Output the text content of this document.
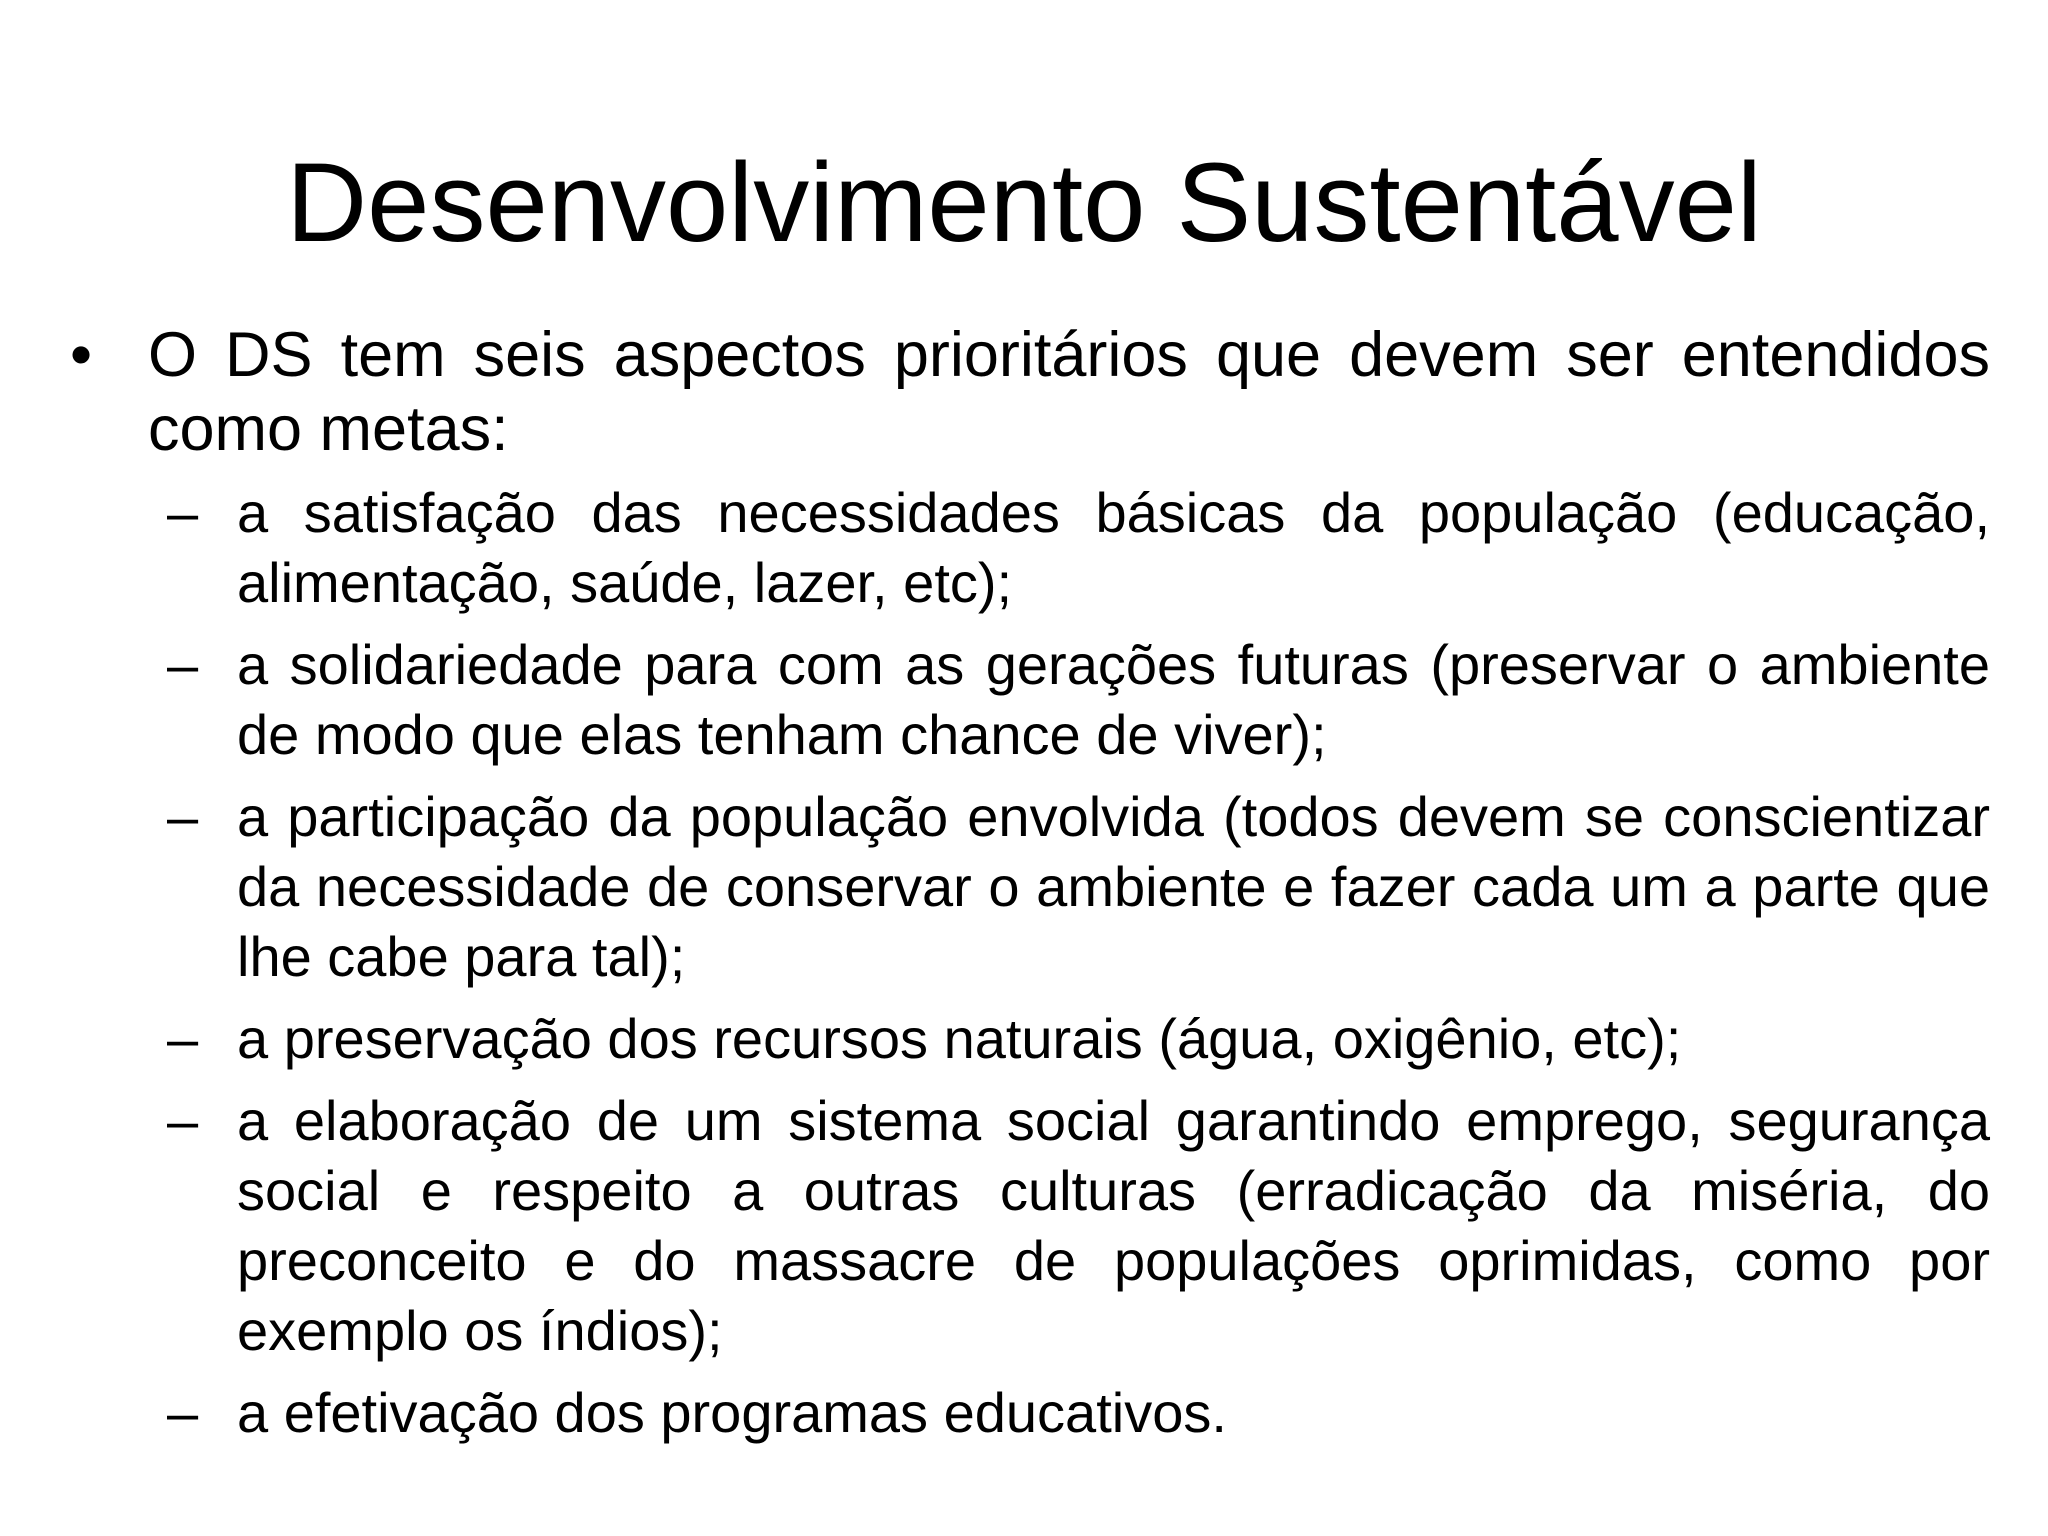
Desenvolvimento Sustentável
• O DS tem seis aspectos prioritários que devem ser entendidos como metas:
– a satisfação das necessidades básicas da população (educação, alimentação, saúde, lazer, etc);
– a solidariedade para com as gerações futuras (preservar o ambiente de modo que elas tenham chance de viver);
– a participação da população envolvida (todos devem se conscientizar da necessidade de conservar o ambiente e fazer cada um a parte que lhe cabe para tal);
– a preservação dos recursos naturais (água, oxigênio, etc);
– a elaboração de um sistema social garantindo emprego, segurança social e respeito a outras culturas (erradicação da miséria, do preconceito e do massacre de populações oprimidas, como por exemplo os índios);
– a efetivação dos programas educativos.
